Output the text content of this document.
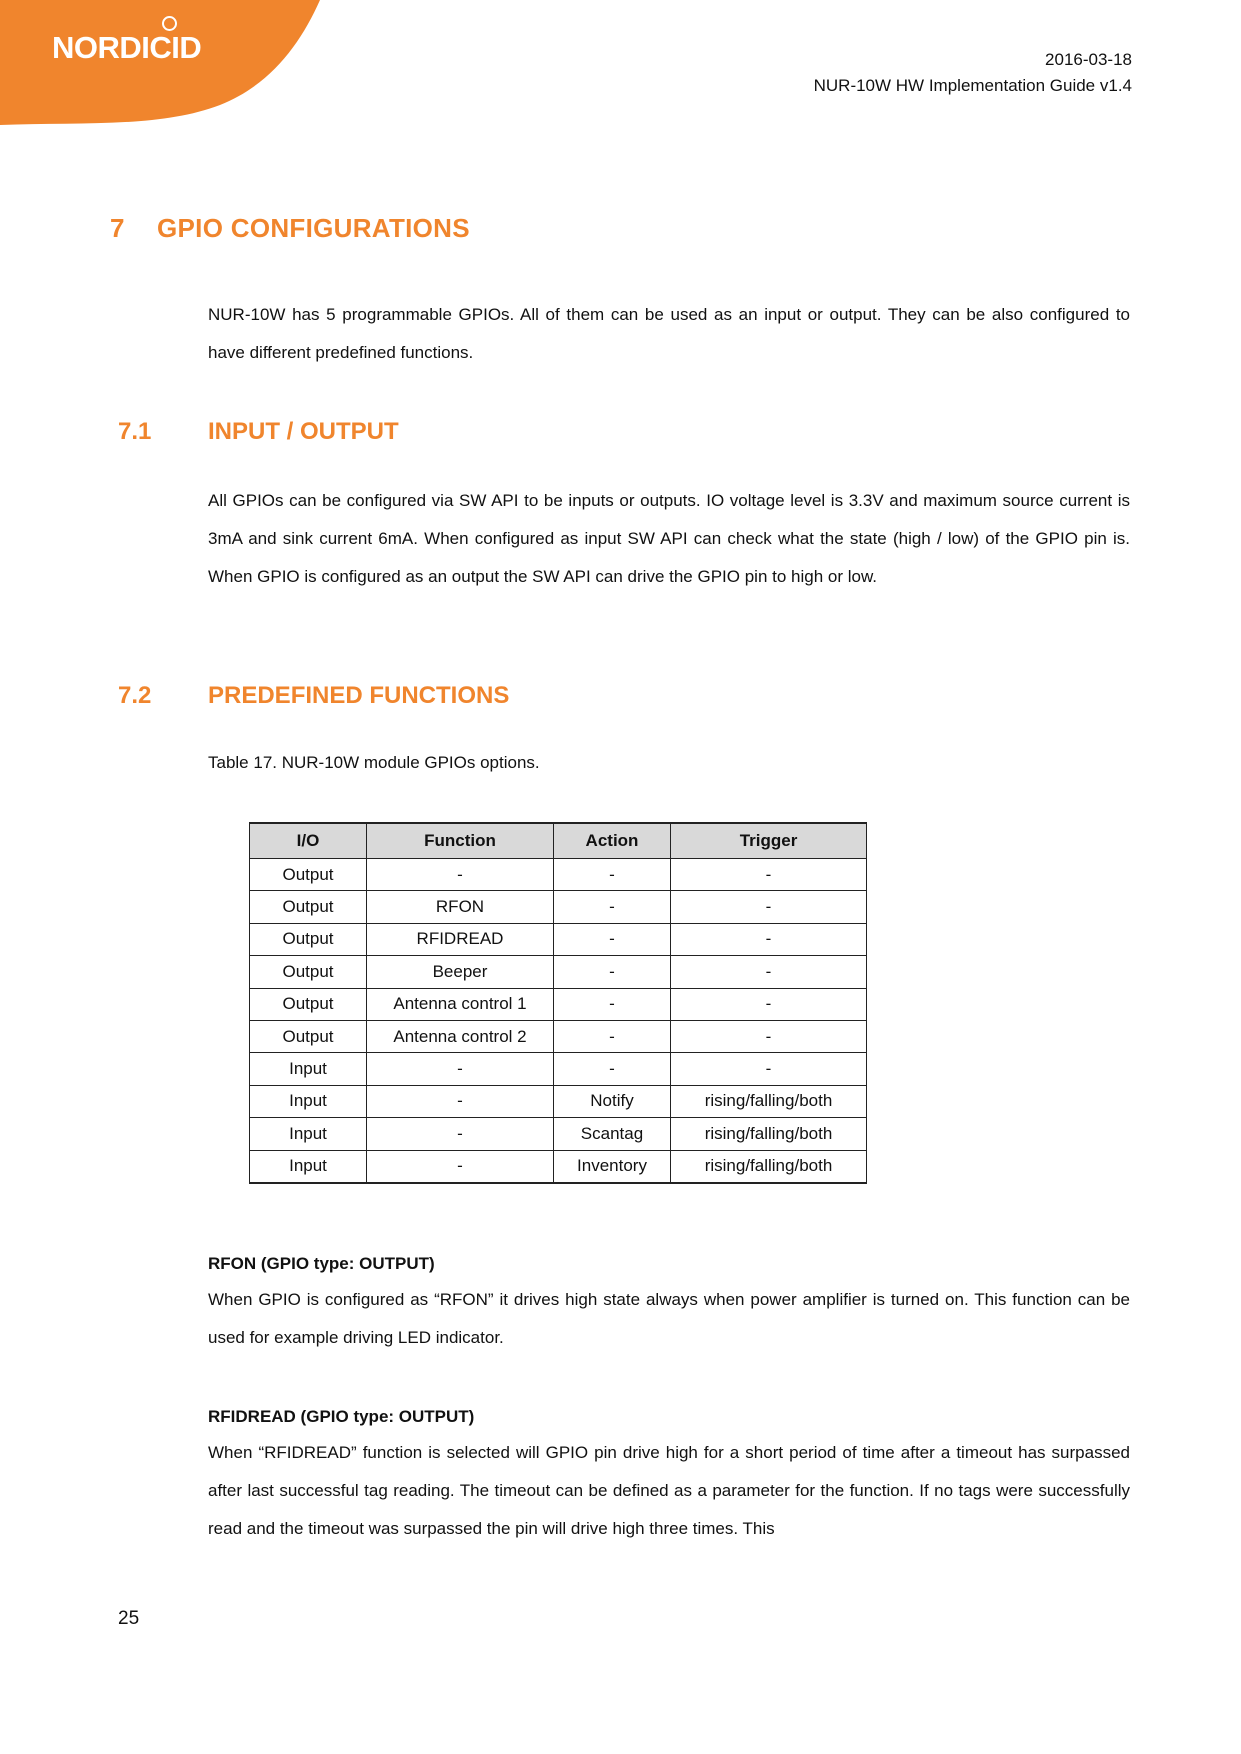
NORDICID	2016-03-18
NUR-10W HW Implementation Guide v1.4
7 GPIO CONFIGURATIONS

NUR-10W has 5 programmable GPIOs. All of them can be used as an input or output. They can be also configured to have different predefined functions.

7.1 INPUT / OUTPUT

All GPIOs can be configured via SW API to be inputs or outputs. IO voltage level is 3.3V and maximum source current is 3mA and sink current 6mA. When configured as input SW API can check what the state (high / low) of the GPIO pin is. When GPIO is configured as an output the SW API can drive the GPIO pin to high or low.

7.2 PREDEFINED FUNCTIONS

Table 17. NUR-10W module GPIOs options.

I/O	Function	Action	Trigger
Output	-	-	-
Output	RFON	-	-
Output	RFIDREAD	-	-
Output	Beeper	-	-
Output	Antenna control 1	-	-
Output	Antenna control 2	-	-
Input	-	-	-
Input	-	Notify	rising/falling/both
Input	-	Scantag	rising/falling/both
Input	-	Inventory	rising/falling/both

RFON (GPIO type: OUTPUT)

When GPIO is configured as “RFON” it drives high state always when power amplifier is turned on. This function can be used for example driving LED indicator.

RFIDREAD (GPIO type: OUTPUT)

When “RFIDREAD” function is selected will GPIO pin drive high for a short period of time after a timeout has surpassed after last successful tag reading. The timeout can be defined as a parameter for the function. If no tags were successfully read and the timeout was surpassed the pin will drive high three times. This

25
